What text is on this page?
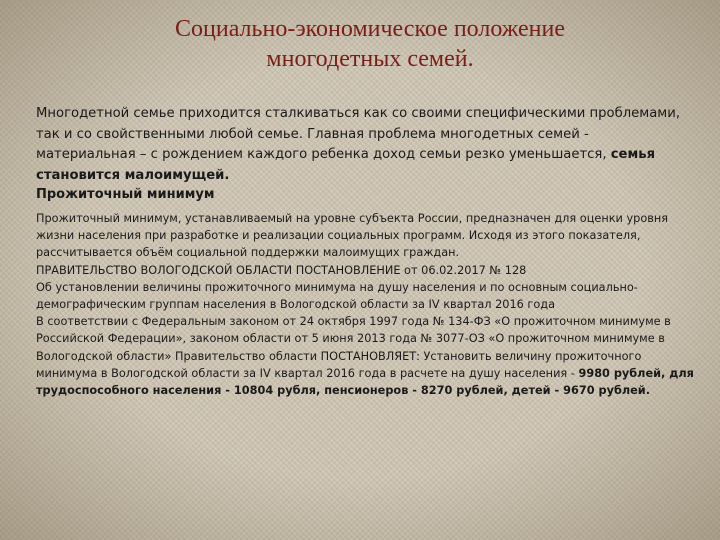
Социально-экономическое положение
многодетных семей.

Многодетной семье приходится сталкиваться как со своими специфическими проблемами, так и со свойственными любой семье. Главная проблема многодетных семей - материальная – с рождением каждого ребенка доход семьи резко уменьшается, семья становится малоимущей.

Прожиточный минимум

Прожиточный минимум, устанавливаемый на уровне субъекта России, предназначен для оценки уровня жизни населения при разработке и реализации социальных программ. Исходя из этого показателя, рассчитывается объём социальной поддержки малоимущих граждан.

ПРАВИТЕЛЬСТВО ВОЛОГОДСКОЙ ОБЛАСТИ ПОСТАНОВЛЕНИЕ от 06.02.2017 № 128

Об установлении величины прожиточного минимума на душу населения и по основным социально-демографическим группам населения в Вологодской области за IV квартал 2016 года

В соответствии с Федеральным законом от 24 октября 1997 года № 134-ФЗ «О прожиточном минимуме в Российской Федерации», законом области от 5 июня 2013 года № 3077-ОЗ «О прожиточном минимуме в Вологодской области» Правительство области ПОСТАНОВЛЯЕТ: Установить величину прожиточного минимума в Вологодской области за IV квартал 2016 года в расчете на душу населения - 9980 рублей, для трудоспособного населения - 10804 рубля, пенсионеров - 8270 рублей, детей - 9670 рублей.
